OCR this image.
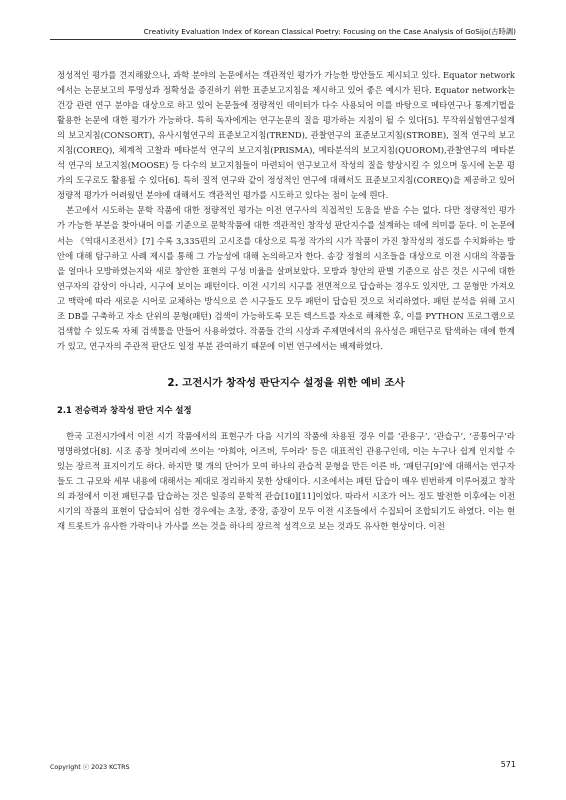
Creativity Evaluation Index of Korean Classical Poetry: Focusing on the Case Analysis of GoSijo(古時調)

정성적인 평가를 견지해왔으나, 과학 분야의 논문에서는 객관적인 평가가 가능한 방안들도 제시되고 있다. Equator network에서는 논문보고의 투명성과 정확성을 증진하기 위한 표준보고지침을 제시하고 있어 좋은 예시가 된다. Equator network는 건강 관련 연구 분야을 대상으로 하고 있어 논문들에 정량적인 데이터가 다수 사용되어 이를 바탕으로 메타연구나 통계기법을 활용한 논문에 대한 평가가 가능하다. 특히 독자에게는 연구논문의 질을 평가하는 지침이 될 수 있다[5]. 무작위실험연구설계의 보고지침(CONSORT), 유사시험연구의 표준보고지침(TREND), 관찰연구의 표준보고지침(STROBE), 질적 연구의 보고지침(COREQ), 체계적 고찰과 메타분석 연구의 보고지침(PRISMA), 메타분석의 보고지침(QUOROM),관찰연구의 메타분석 연구의 보고지침(MOOSE) 등 다수의 보고지침들이 마련되어 연구보고서 작성의 질을 향상시킬 수 있으며 동시에 논문 평가의 도구로도 활용될 수 있다[6]. 특히 질적 연구와 같이 정성적인 연구에 대해서도 표준보고지침(COREQ)을 제공하고 있어 정량적 평가가 어려웠던 분야에 대해서도 객관적인 평가를 시도하고 있다는 점이 눈에 띈다.

본고에서 시도하는 문학 작품에 대한 정량적인 평가는 이전 연구사의 직접적인 도움을 받을 수는 없다. 다만 정량적인 평가가 가능한 부분을 찾아내어 이를 기준으로 문학작품에 대한 객관적인 창작성 판단지수를 설계하는 데에 의미를 둔다. 이 논문에서는 《역대시조전서》[7] 수록 3,335편의 고시조를 대상으로 특정 작가의 시가 작품이 가진 창작성의 정도를 수치화하는 방안에 대해 탐구하고 사례 제시를 통해 그 가능성에 대해 논의하고자 한다. 송강 정철의 시조들을 대상으로 이전 시대의 작품들을 얼마나 모방하였는지와 새로 창안한 표현의 구성 비율을 살펴보았다. 모방과 창안의 판별 기준으로 삼은 것은 시구에 대한 연구자의 감상이 아니라, 시구에 보이는 패턴이다. 이전 시기의 시구를 전면적으로 답습하는 경우도 있지만, 그 문형만 가져오고 맥락에 따라 새로운 시어로 교체하는 방식으로 쓴 시구들도 모두 패턴이 답습된 것으로 처리하였다. 패턴 분석을 위해 고시조 DB를 구축하고 자소 단위의 문형(패턴) 검색이 가능하도록 모든 텍스트를 자소로 해체한 후, 이를 PYTHON 프로그램으로 검색할 수 있도록 자체 검색툴을 만들어 사용하였다. 작품들 간의 시상과 주제면에서의 유사성은 패턴구로 탐색하는 데에 한계가 있고, 연구자의 주관적 판단도 일정 부분 관여하기 때문에 이번 연구에서는 배제하였다.

2. 고전시가 창작성 판단지수 설정을 위한 예비 조사
2.1 전승력과 창작성 판단 지수 설정

한국 고전시가에서 이전 시기 작품에서의 표현구가 다음 시기의 작품에 차용된 경우 이를 ‘관용구’, ‘관습구’, ‘공통어구’라 명명하였다[8]. 시조 종장 첫머리에 쓰이는 ‘아희야, 어즈버, 두어라’ 등은 대표적인 관용구인데, 이는 누구나 쉽게 인지할 수 있는 장르적 표지이기도 하다. 하지만 몇 개의 단어가 모여 하나의 관습적 문형을 만든 이른 바, ‘패턴구[9]’에 대해서는 연구자들도 그 규모와 세부 내용에 대해서는 제대로 정리하지 못한 상태이다. 시조에서는 패턴 답습이 매우 빈번하게 이루어졌고 창작의 과정에서 이전 패턴구를 답습하는 것은 일종의 문학적 관습[10][11]이었다. 따라서 시조가 어느 정도 발전한 이후에는 이전 시기의 작품의 표현이 답습되어 심한 경우에는 초장, 중장, 종장이 모두 이전 시조들에서 수집되어 조합되기도 하였다. 이는 현재 트롯트가 유사한 가락이나 가사를 쓰는 것을 하나의 장르적 성격으로 보는 것과도 유사한 현상이다. 이전

Copyright ⓒ 2023 KCTRS	571
